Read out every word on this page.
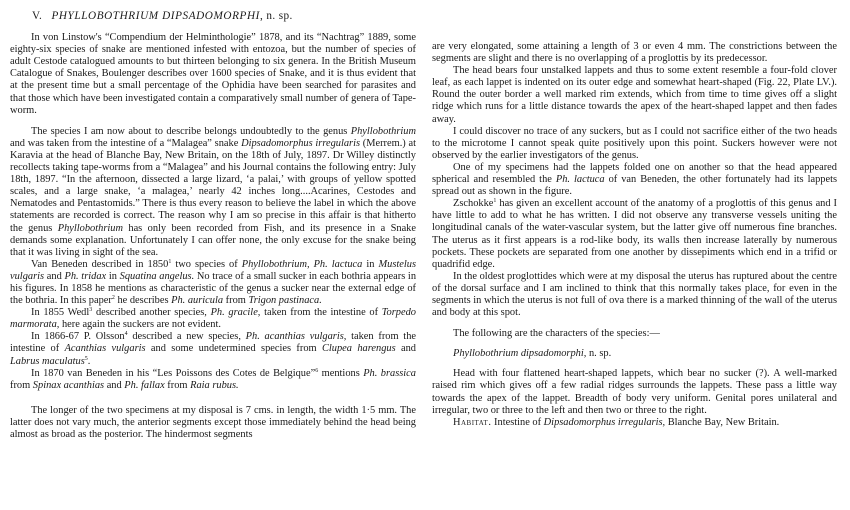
V. PHYLLOBOTHRIUM DIPSADOMORPHI, n. sp.

In von Linstow's “Compendium der Helminthologie” 1878, and its “Nachtrag” 1889, some eighty-six species of snake are mentioned infested with entozoa, but the number of species of adult Cestode catalogued amounts to but thirteen belonging to six genera. In the British Museum Catalogue of Snakes, Boulenger describes over 1600 species of Snake, and it is thus evident that at the present time but a small percentage of the Ophidia have been searched for parasites and that those which have been investigated contain a comparatively small number of genera of Tape-worm.

The species I am now about to describe belongs undoubtedly to the genus Phyllobothrium and was taken from the intestine of a “Malagea” snake Dipsadomorphus irregularis (Merrem.) at Karavia at the head of Blanche Bay, New Britain, on the 18th of July, 1897. Dr Willey distinctly recollects taking tape-worms from a “Malagea” and his Journal contains the following entry: July 18th, 1897. “In the afternoon, dissected a large lizard, ‘a palai,’ with groups of yellow spotted scales, and a large snake, ‘a malagea,’ nearly 42 inches long....Acarines, Cestodes and Nematodes and Pentastomids.” There is thus every reason to believe the label in which the above statements are recorded is correct. The reason why I am so precise in this affair is that hitherto the genus Phyllobothrium has only been recorded from Fish, and its presence in a Snake demands some explanation. Unfortunately I can offer none, the only excuse for the snake being that it was living in sight of the sea.

Van Beneden described in 1850$^1$ two species of Phyllobothrium, Ph. lactuca in Mustelus vulgaris and Ph. tridax in Squatina angelus. No trace of a small sucker in each bothria appears in his figures. In 1858 he mentions as characteristic of the genus a sucker near the external edge of the bothria. In this paper$^2$ he describes Ph. auricula from Trigon pastinaca.

In 1855 Wedl$^3$ described another species, Ph. gracile, taken from the intestine of Torpedo marmorata, here again the suckers are not evident.

In 1866-67 P. Olsson$^4$ described a new species, Ph. acanthias vulgaris, taken from the intestine of Acanthias vulgaris and some undetermined species from Clupea harengus and Labrus maculatus$^5$.

In 1870 van Beneden in his “Les Poissons des Cotes de Belgique”$^6$ mentions Ph. brassica from Spinax acanthias and Ph. fallax from Raia rubus.

The longer of the two specimens at my disposal is 7 cms. in length, the width 1·5 mm. The latter does not vary much, the anterior segments except those immediately behind the head being almost as broad as the posterior. The hindermost segments

are very elongated, some attaining a length of 3 or even 4 mm. The constrictions between the segments are slight and there is no overlapping of a proglottis by its predecessor.

The head bears four unstalked lappets and thus to some extent resemble a four-fold clover leaf, as each lappet is indented on its outer edge and somewhat heart-shaped (Fig. 22, Plate LV.). Round the outer border a well marked rim extends, which from time to time gives off a slight ridge which runs for a little distance towards the apex of the heart-shaped lappet and then fades away.

I could discover no trace of any suckers, but as I could not sacrifice either of the two heads to the microtome I cannot speak quite positively upon this point. Suckers however were not observed by the earlier investigators of the genus.

One of my specimens had the lappets folded one on another so that the head appeared spherical and resembled the Ph. lactuca of van Beneden, the other fortunately had its lappets spread out as shown in the figure.

Zschokke$^1$ has given an excellent account of the anatomy of a proglottis of this genus and I have little to add to what he has written. I did not observe any transverse vessels uniting the longitudinal canals of the water-vascular system, but the latter give off numerous fine branches. The uterus as it first appears is a rod-like body, its walls then increase laterally by numerous pockets. These pockets are separated from one another by dissepiments which end in a trifid or quadrifid edge.

In the oldest proglottides which were at my disposal the uterus has ruptured about the centre of the dorsal surface and I am inclined to think that this normally takes place, for even in the segments in which the uterus is not full of ova there is a marked thinning of the wall of the uterus and body at this spot.

The following are the characters of the species:—

Phyllobothrium dipsadomorphi, n. sp.

Head with four flattened heart-shaped lappets, which bear no sucker (?). A well-marked raised rim which gives off a few radial ridges surrounds the lappets. These pass a little way towards the apex of the lappet. Breadth of body very uniform. Genital pores unilateral and irregular, two or three to the left and then two or three to the right.

Habitat. Intestine of Dipsadomorphus irregularis, Blanche Bay, New Britain.
